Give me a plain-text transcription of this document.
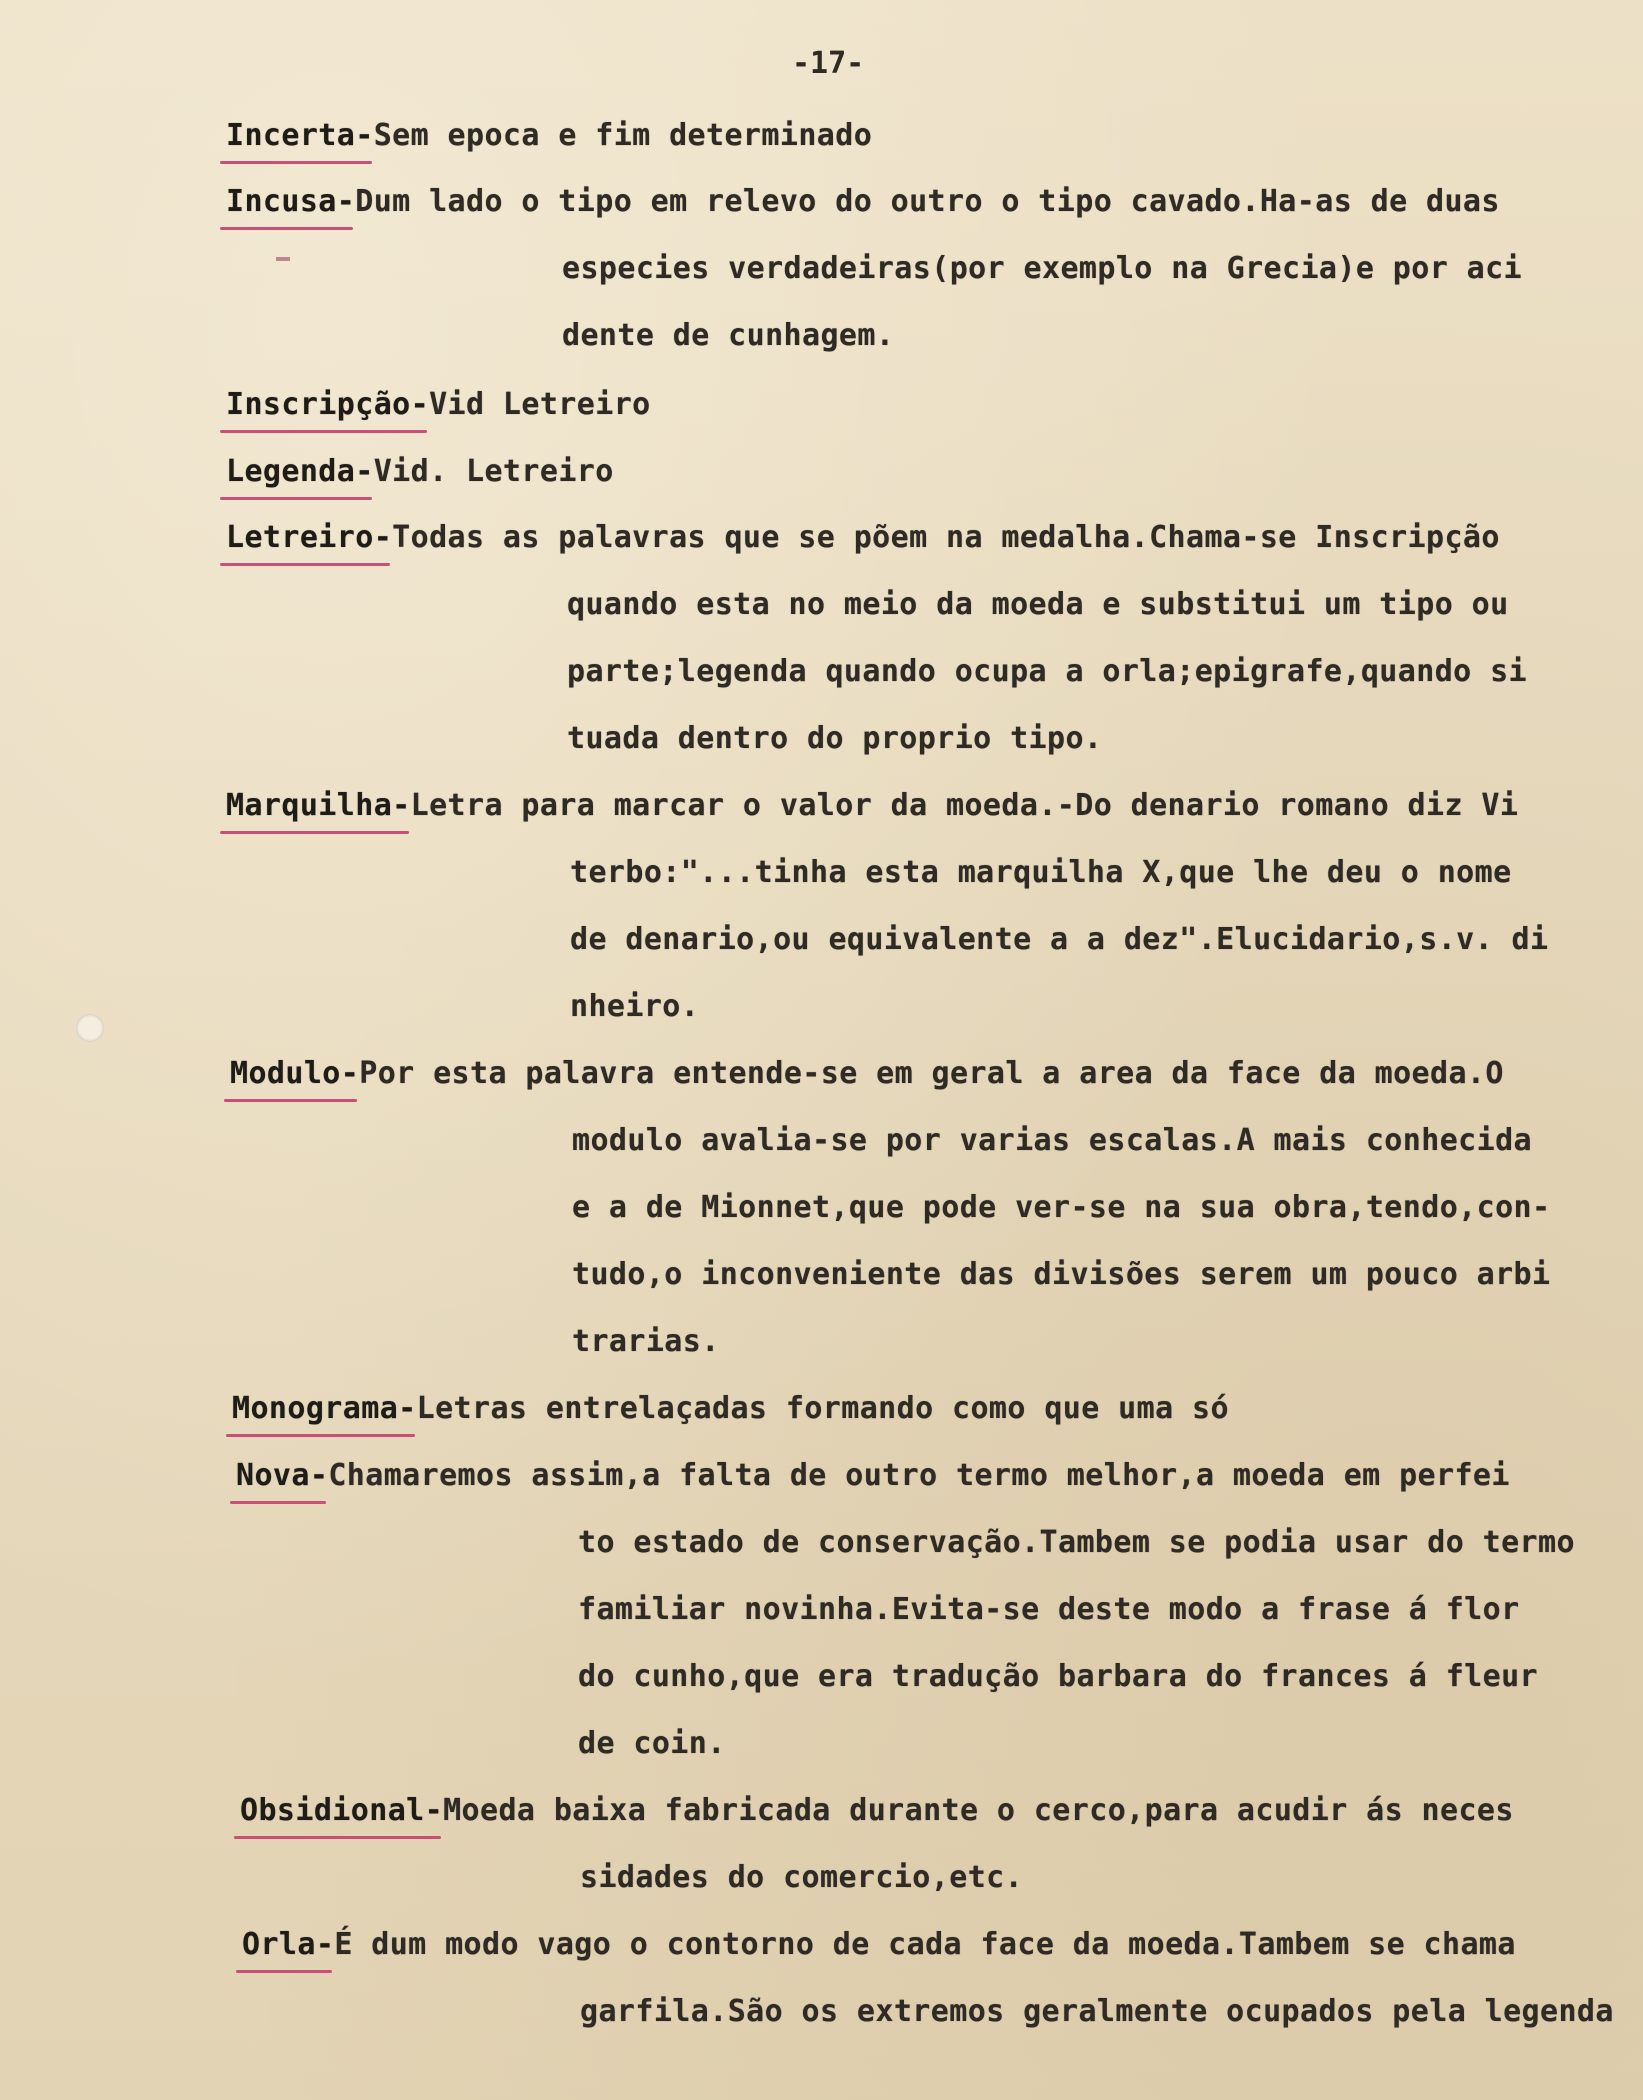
-17-
Incerta-Sem epoca e fim determinado
Incusa-Dum lado o tipo em relevo do outro o tipo cavado.Ha-as de duas
especies verdadeiras(por exemplo na Grecia)e por aci
dente de cunhagem.
Inscripção-Vid Letreiro
Legenda-Vid. Letreiro
Letreiro-Todas as palavras que se põem na medalha.Chama-se Inscripção
quando esta no meio da moeda e substitui um tipo ou
parte;legenda quando ocupa a orla;epigrafe,quando si
tuada dentro do proprio tipo.
Marquilha-Letra para marcar o valor da moeda.-Do denario romano diz Vi
terbo:"...tinha esta marquilha X,que lhe deu o nome
de denario,ou equivalente a a dez".Elucidario,s.v. di
nheiro.
Modulo-Por esta palavra entende-se em geral a area da face da moeda.O
modulo avalia-se por varias escalas.A mais conhecida
e a de Mionnet,que pode ver-se na sua obra,tendo,con-
tudo,o inconveniente das divisões serem um pouco arbi
trarias.
Monograma-Letras entrelaçadas formando como que uma só
Nova-Chamaremos assim,a falta de outro termo melhor,a moeda em perfei
to estado de conservação.Tambem se podia usar do termo
familiar novinha.Evita-se deste modo a frase á flor
do cunho,que era tradução barbara do frances á fleur
de coin.
Obsidional-Moeda baixa fabricada durante o cerco,para acudir ás neces
sidades do comercio,etc.
Orla-É dum modo vago o contorno de cada face da moeda.Tambem se chama
garfila.São os extremos geralmente ocupados pela legenda
